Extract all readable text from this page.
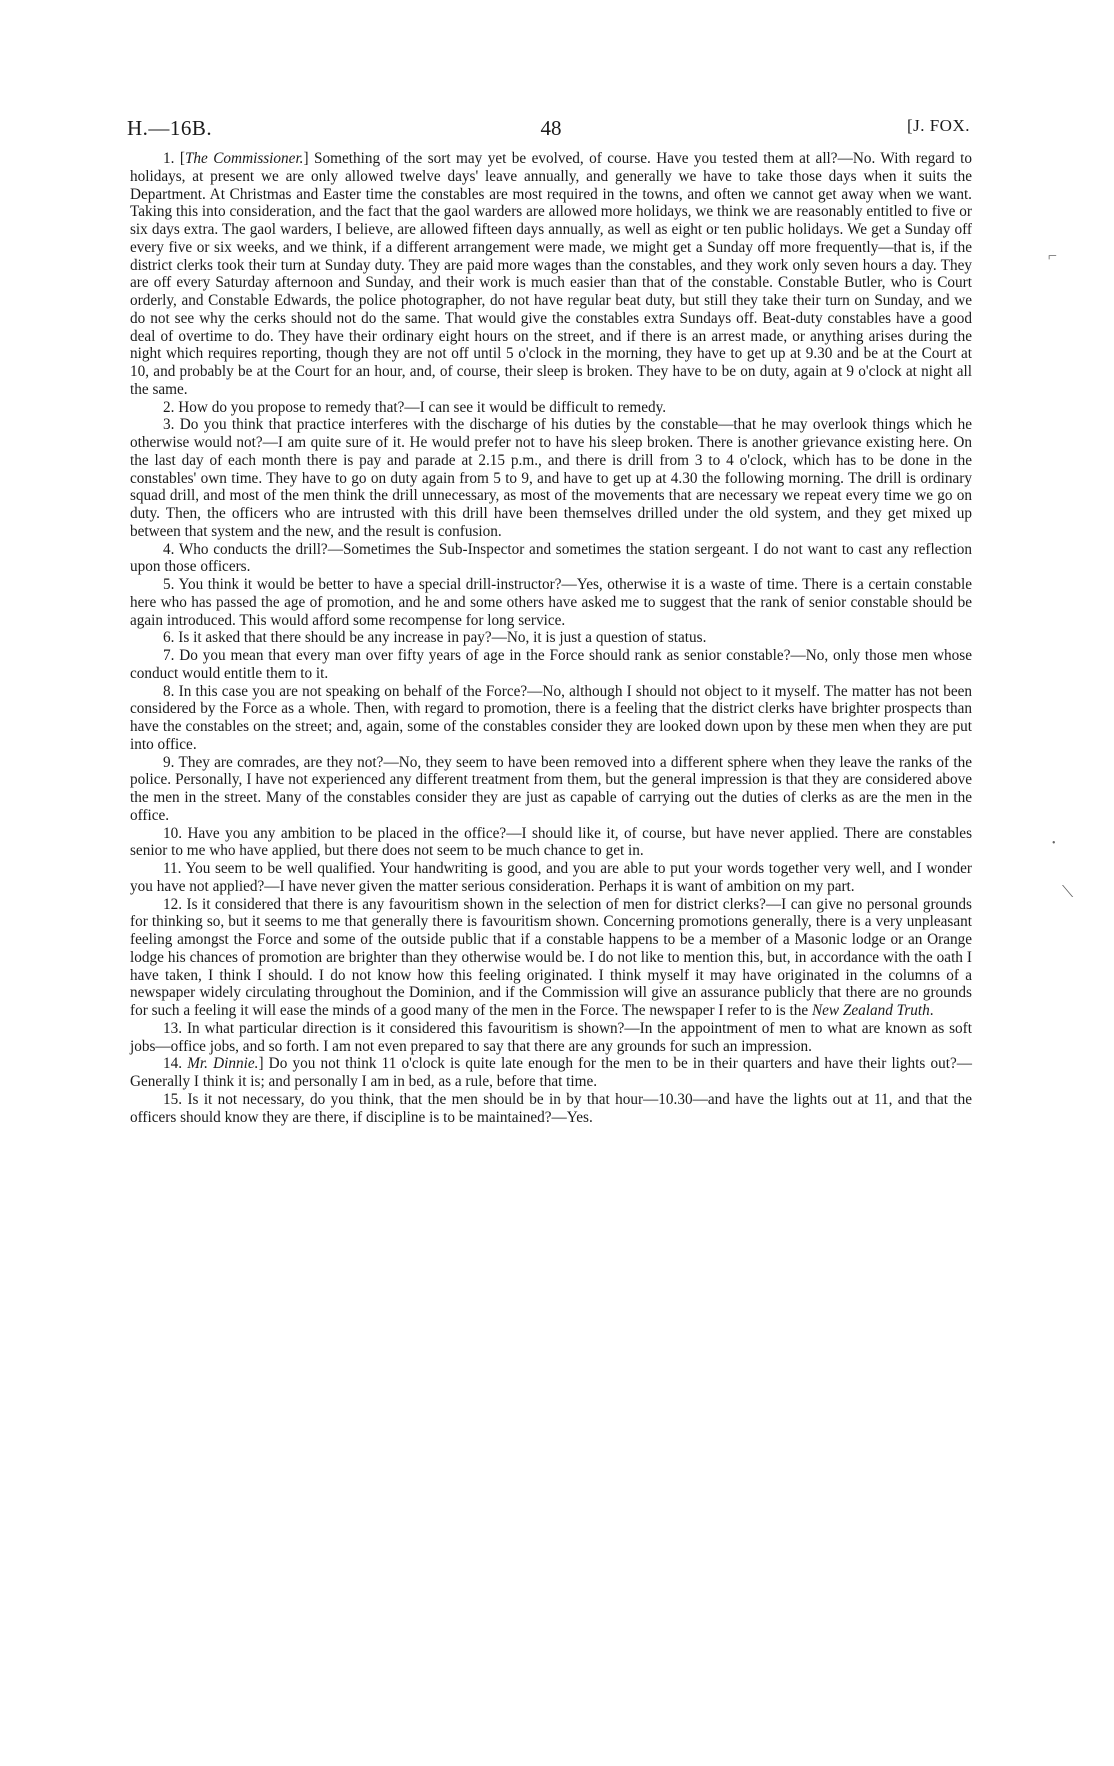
H.—16B.	48	[J. FOX.

1. [The Commissioner.] Something of the sort may yet be evolved, of course. Have you tested them at all?—No. With regard to holidays, at present we are only allowed twelve days' leave annually, and generally we have to take those days when it suits the Department. At Christmas and Easter time the constables are most required in the towns, and often we cannot get away when we want. Taking this into consideration, and the fact that the gaol warders are allowed more holidays, we think we are reasonably entitled to five or six days extra. The gaol warders, I believe, are allowed fifteen days annually, as well as eight or ten public holidays. We get a Sunday off every five or six weeks, and we think, if a different arrangement were made, we might get a Sunday off more frequently—that is, if the district clerks took their turn at Sunday duty. They are paid more wages than the constables, and they work only seven hours a day. They are off every Saturday afternoon and Sunday, and their work is much easier than that of the constable. Constable Butler, who is Court orderly, and Constable Edwards, the police photographer, do not have regular beat duty, but still they take their turn on Sunday, and we do not see why the cerks should not do the same. That would give the constables extra Sundays off. Beat-duty constables have a good deal of overtime to do. They have their ordinary eight hours on the street, and if there is an arrest made, or anything arises during the night which requires reporting, though they are not off until 5 o'clock in the morning, they have to get up at 9.30 and be at the Court at 10, and probably be at the Court for an hour, and, of course, their sleep is broken. They have to be on duty, again at 9 o'clock at night all the same.

2. How do you propose to remedy that?—I can see it would be difficult to remedy.

3. Do you think that practice interferes with the discharge of his duties by the constable—that he may overlook things which he otherwise would not?—I am quite sure of it. He would prefer not to have his sleep broken. There is another grievance existing here. On the last day of each month there is pay and parade at 2.15 p.m., and there is drill from 3 to 4 o'clock, which has to be done in the constables' own time. They have to go on duty again from 5 to 9, and have to get up at 4.30 the following morning. The drill is ordinary squad drill, and most of the men think the drill unnecessary, as most of the movements that are necessary we repeat every time we go on duty. Then, the officers who are intrusted with this drill have been themselves drilled under the old system, and they get mixed up between that system and the new, and the result is confusion.

4. Who conducts the drill?—Sometimes the Sub-Inspector and sometimes the station sergeant. I do not want to cast any reflection upon those officers.

5. You think it would be better to have a special drill-instructor?—Yes, otherwise it is a waste of time. There is a certain constable here who has passed the age of promotion, and he and some others have asked me to suggest that the rank of senior constable should be again introduced. This would afford some recompense for long service.

6. Is it asked that there should be any increase in pay?—No, it is just a question of status.

7. Do you mean that every man over fifty years of age in the Force should rank as senior constable?—No, only those men whose conduct would entitle them to it.

8. In this case you are not speaking on behalf of the Force?—No, although I should not object to it myself. The matter has not been considered by the Force as a whole. Then, with regard to promotion, there is a feeling that the district clerks have brighter prospects than have the constables on the street; and, again, some of the constables consider they are looked down upon by these men when they are put into office.

9. They are comrades, are they not?—No, they seem to have been removed into a different sphere when they leave the ranks of the police. Personally, I have not experienced any different treatment from them, but the general impression is that they are considered above the men in the street. Many of the constables consider they are just as capable of carrying out the duties of clerks as are the men in the office.

10. Have you any ambition to be placed in the office?—I should like it, of course, but have never applied. There are constables senior to me who have applied, but there does not seem to be much chance to get in.

11. You seem to be well qualified. Your handwriting is good, and you are able to put your words together very well, and I wonder you have not applied?—I have never given the matter serious consideration. Perhaps it is want of ambition on my part.

12. Is it considered that there is any favouritism shown in the selection of men for district clerks?—I can give no personal grounds for thinking so, but it seems to me that generally there is favouritism shown. Concerning promotions generally, there is a very unpleasant feeling amongst the Force and some of the outside public that if a constable happens to be a member of a Masonic lodge or an Orange lodge his chances of promotion are brighter than they otherwise would be. I do not like to mention this, but, in accordance with the oath I have taken, I think I should. I do not know how this feeling originated. I think myself it may have originated in the columns of a newspaper widely circulating throughout the Dominion, and if the Commission will give an assurance publicly that there are no grounds for such a feeling it will ease the minds of a good many of the men in the Force. The newspaper I refer to is the New Zealand Truth.

13. In what particular direction is it considered this favouritism is shown?—In the appointment of men to what are known as soft jobs—office jobs, and so forth. I am not even prepared to say that there are any grounds for such an impression.

14. Mr. Dinnie.] Do you not think 11 o'clock is quite late enough for the men to be in their quarters and have their lights out?—Generally I think it is; and personally I am in bed, as a rule, before that time.

15. Is it not necessary, do you think, that the men should be in by that hour—10.30—and have the lights out at 11, and that the officers should know they are there, if discipline is to be maintained?—Yes.

⌐
•
⟍
